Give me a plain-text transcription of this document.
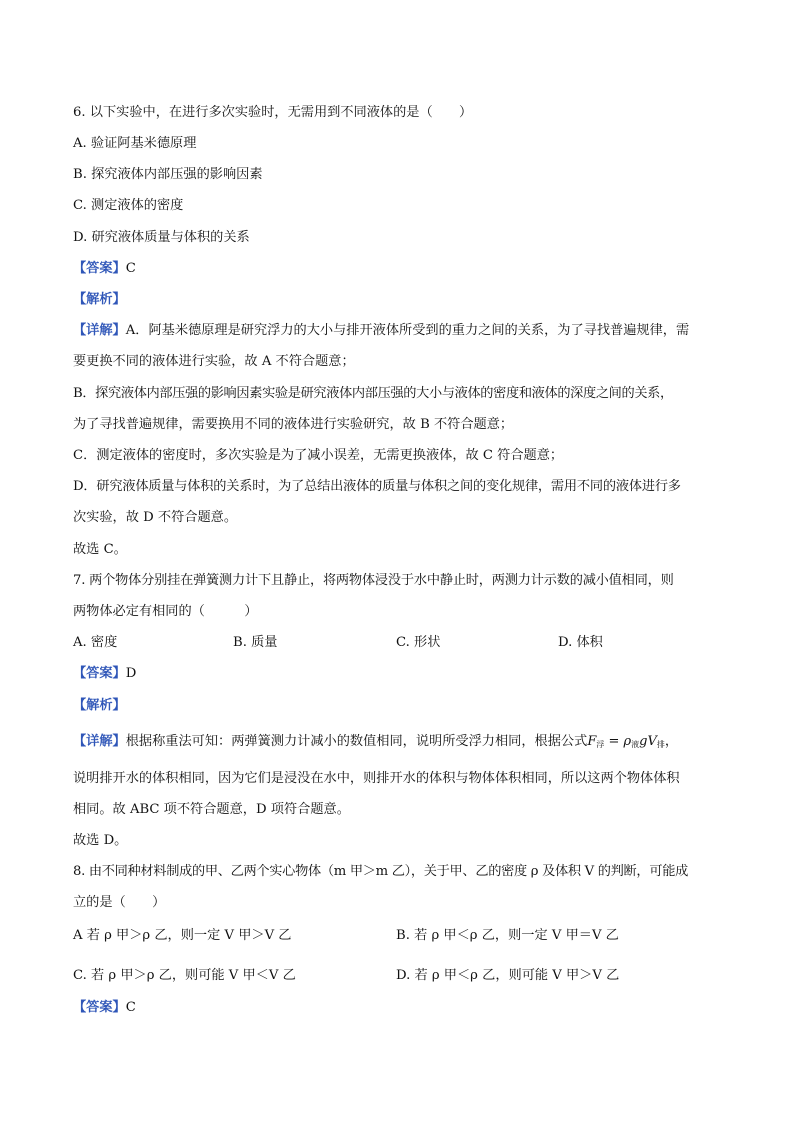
6. 以下实验中，在进行多次实验时，无需用到不同液体的是（　　）
A. 验证阿基米德原理
B. 探究液体内部压强的影响因素
C. 测定液体的密度
D. 研究液体质量与体积的关系
【答案】C
【解析】
【详解】A．阿基米德原理是研究浮力的大小与排开液体所受到的重力之间的关系，为了寻找普遍规律，需
要更换不同的液体进行实验，故 A 不符合题意；
B．探究液体内部压强的影响因素实验是研究液体内部压强的大小与液体的密度和液体的深度之间的关系，
为了寻找普遍规律，需要换用不同的液体进行实验研究，故 B 不符合题意；
C．测定液体的密度时，多次实验是为了减小误差，无需更换液体，故 C 符合题意；
D．研究液体质量与体积的关系时，为了总结出液体的质量与体积之间的变化规律，需用不同的液体进行多
次实验，故 D 不符合题意。
故选 C。
7. 两个物体分别挂在弹簧测力计下且静止，将两物体浸没于水中静止时，两测力计示数的减小值相同，则
两物体必定有相同的（　　　）
A. 密度	B. 质量	C. 形状	D. 体积
【答案】D
【解析】
【详解】根据称重法可知：两弹簧测力计减小的数值相同，说明所受浮力相同，根据公式$F_浮 = \rho_液gV_排$，
说明排开水的体积相同，因为它们是浸没在水中，则排开水的体积与物体体积相同，所以这两个物体体积
相同。故 ABC 项不符合题意，D 项符合题意。
故选 D。
8. 由不同种材料制成的甲、乙两个实心物体（m 甲＞m 乙），关于甲、乙的密度 ρ 及体积 V 的判断，可能成
立的是（　　）
A 若 ρ 甲＞ρ 乙，则一定 V 甲＞V 乙	B. 若 ρ 甲＜ρ 乙，则一定 V 甲＝V 乙
C. 若 ρ 甲＞ρ 乙，则可能 V 甲＜V 乙	D. 若 ρ 甲＜ρ 乙，则可能 V 甲＞V 乙
【答案】C
